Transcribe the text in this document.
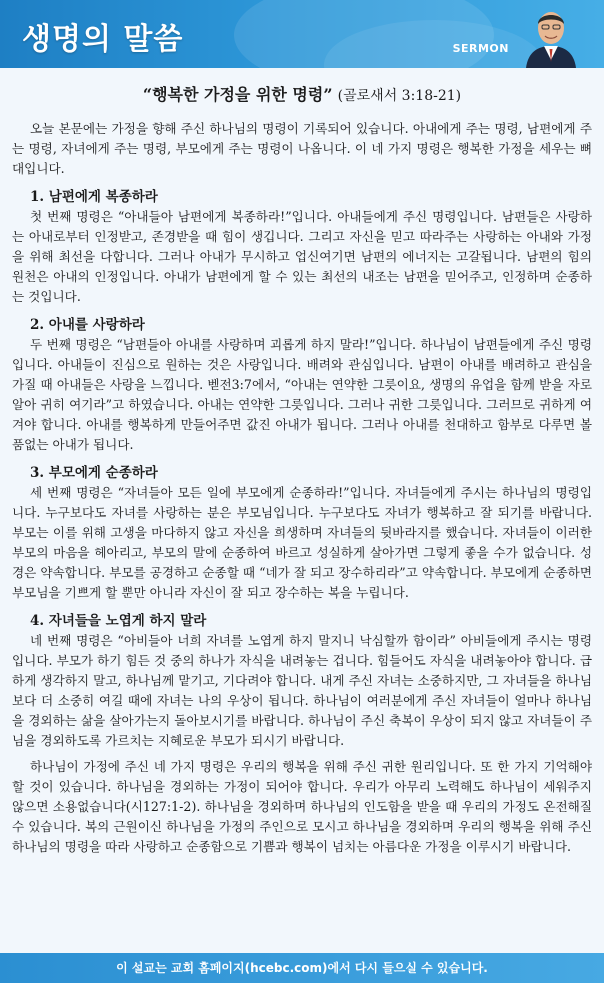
생명의 말씀	SERMON
“행복한 가정을 위한 명령” (골로새서 3:18-21)

오늘 본문에는 가정을 향해 주신 하나님의 명령이 기록되어 있습니다. 아내에게 주는 명령, 남편에게 주는 명령, 자녀에게 주는 명령, 부모에게 주는 명령이 나옵니다. 이 네 가지 명령은 행복한 가정을 세우는 뼈대입니다.

1. 남편에게 복종하라

첫 번째 명령은 “아내들아 남편에게 복종하라!”입니다. 아내들에게 주신 명령입니다. 남편들은 사랑하는 아내로부터 인정받고, 존경받을 때 힘이 생깁니다. 그리고 자신을 믿고 따라주는 사랑하는 아내와 가정을 위해 최선을 다합니다. 그러나 아내가 무시하고 업신여기면 남편의 에너지는 고갈됩니다. 남편의 힘의 원천은 아내의 인정입니다. 아내가 남편에게 할 수 있는 최선의 내조는 남편을 믿어주고, 인정하며 순종하는 것입니다.

2. 아내를 사랑하라

두 번째 명령은 “남편들아 아내를 사랑하며 괴롭게 하지 말라!”입니다. 하나님이 남편들에게 주신 명령입니다. 아내들이 진심으로 원하는 것은 사랑입니다. 배려와 관심입니다. 남편이 아내를 배려하고 관심을 가질 때 아내들은 사랑을 느낍니다. 벧전3:7에서, “아내는 연약한 그릇이요, 생명의 유업을 함께 받을 자로 알아 귀히 여기라”고 하였습니다. 아내는 연약한 그릇입니다. 그러나 귀한 그릇입니다. 그러므로 귀하게 여겨야 합니다. 아내를 행복하게 만들어주면 값진 아내가 됩니다. 그러나 아내를 천대하고 함부로 다루면 볼품없는 아내가 됩니다.

3. 부모에게 순종하라

세 번째 명령은 “자녀들아 모든 일에 부모에게 순종하라!”입니다. 자녀들에게 주시는 하나님의 명령입니다. 누구보다도 자녀를 사랑하는 분은 부모님입니다. 누구보다도 자녀가 행복하고 잘 되기를 바랍니다. 부모는 이를 위해 고생을 마다하지 않고 자신을 희생하며 자녀들의 뒷바라지를 했습니다. 자녀들이 이러한 부모의 마음을 헤아리고, 부모의 말에 순종하여 바르고 성실하게 살아가면 그렇게 좋을 수가 없습니다. 성경은 약속합니다. 부모를 공경하고 순종할 때 “네가 잘 되고 장수하리라”고 약속합니다. 부모에게 순종하면 부모님을 기쁘게 할 뿐만 아니라 자신이 잘 되고 장수하는 복을 누립니다.

4. 자녀들을 노엽게 하지 말라

네 번째 명령은 “아비들아 너희 자녀를 노엽게 하지 말지니 낙심할까 함이라” 아비들에게 주시는 명령입니다. 부모가 하기 힘든 것 중의 하나가 자식을 내려놓는 겁니다. 힘들어도 자식을 내려놓아야 합니다. 급하게 생각하지 말고, 하나님께 맡기고, 기다려야 합니다. 내게 주신 자녀는 소중하지만, 그 자녀들을 하나님보다 더 소중히 여길 때에 자녀는 나의 우상이 됩니다. 하나님이 여러분에게 주신 자녀들이 얼마나 하나님을 경외하는 삶을 살아가는지 돌아보시기를 바랍니다. 하나님이 주신 축복이 우상이 되지 않고 자녀들이 주님을 경외하도록 가르치는 지혜로운 부모가 되시기 바랍니다.

하나님이 가정에 주신 네 가지 명령은 우리의 행복을 위해 주신 귀한 원리입니다. 또 한 가지 기억해야 할 것이 있습니다. 하나님을 경외하는 가정이 되어야 합니다. 우리가 아무리 노력해도 하나님이 세워주지 않으면 소용없습니다(시127:1-2). 하나님을 경외하며 하나님의 인도함을 받을 때 우리의 가정도 온전해질 수 있습니다. 복의 근원이신 하나님을 가정의 주인으로 모시고 하나님을 경외하며 우리의 행복을 위해 주신 하나님의 명령을 따라 사랑하고 순종함으로 기쁨과 행복이 넘치는 아름다운 가정을 이루시기 바랍니다.

이 설교는 교회 홈페이지(hcebc.com)에서 다시 들으실 수 있습니다.
